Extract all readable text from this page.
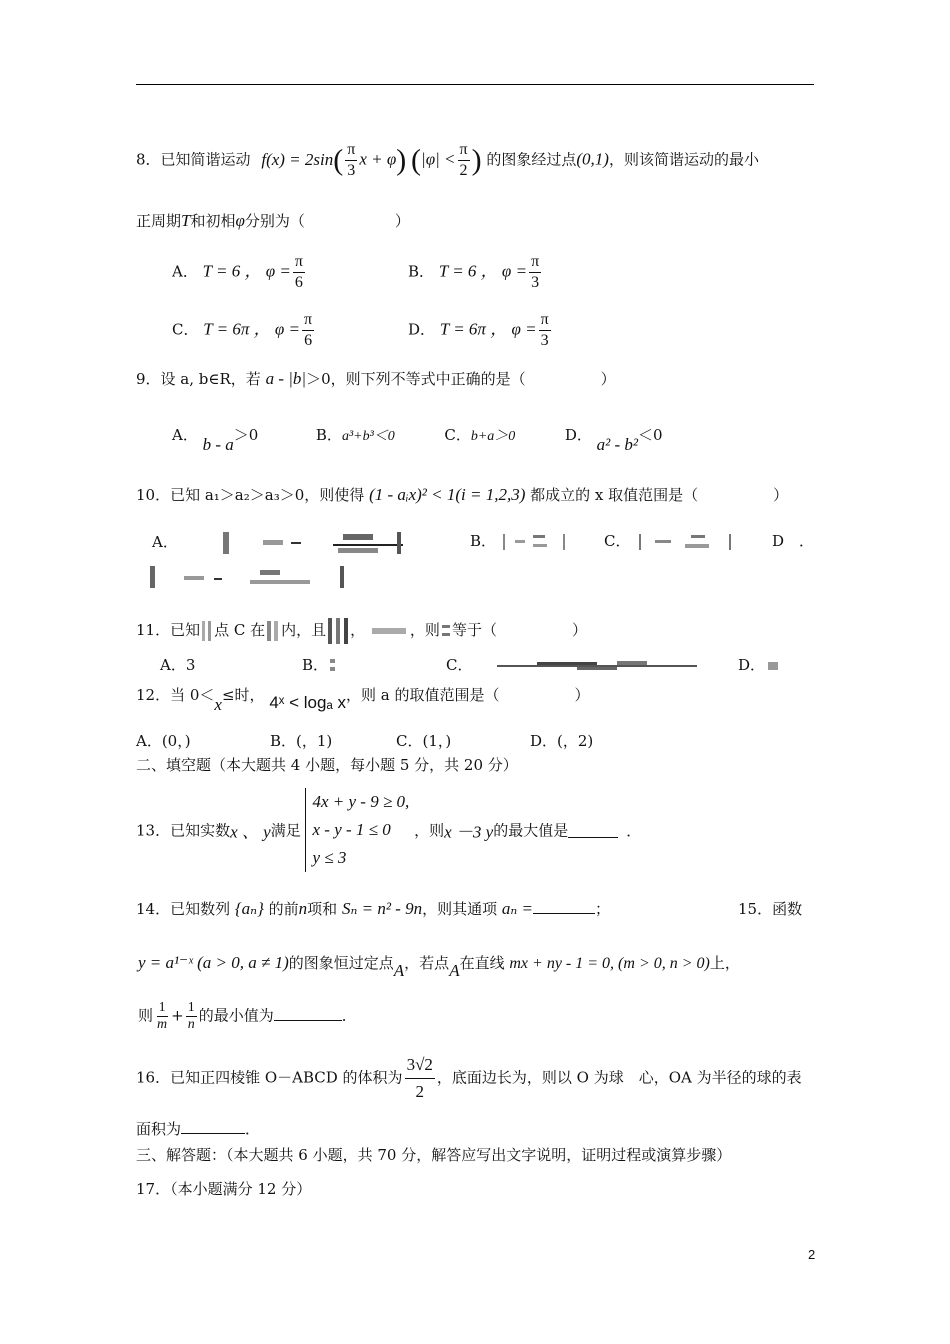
8．已知简谐运动 $f(x) = 2\sin( \frac{\pi}{3}$ x + φ) ($|\varphi| < \frac{\pi}{2}$ ) 的图象经过点(0,1)，则该简谐运动的最小
正周期T和初相φ分别为（　　　　　　）
A． T = 6 ， $\varphi = \frac{\pi}{6}$	B． T = 6 ， $\varphi = \frac{\pi}{3}$
C． T = 6π ， $\varphi = \frac{\pi}{6}$	D． T = 6π ， $\varphi = \frac{\pi}{3}$
9．设 a, b∈R，若 a - |b|＞0，则下列不等式中正确的是（　　　　　）
A． b - a＞0	B．a³+b³＜0	C．b+a＞0	D． a² - b²＜0
10．已知 a₁＞a₂＞a₃＞0，则使得 (1 - aᵢx)² < 1(i = 1,2,3) 都成立的 x 取值范围是（　　　　　）
A．	B．	C．	D　．
11．已知 点 C 在 内，且 ，	，则 等于（　　　　　）
A．3	B．	C．	D．
12．当 0＜x≤时， 4ˣ < logₐ x，则 a 的取值范围是（　　　　　）
A．(0，)	B．(，1)	C．(1，)	D．(，2)
二、填空题（本大题共 4 小题，每小题 5 分，共 20 分）
13．已知实数x 、 y满足
4x + y - 9 ≥ 0,
x - y - 1 ≤ 0
y ≤ 3
，则x －3 y的最大值是	．
14．已知数列 {aₙ} 的前n项和 Sₙ = n² - 9n，则其通项 aₙ =	；	15．函数
y = a¹⁻ˣ (a > 0, a ≠ 1)的图象恒过定点A，若点A在直线 mx + ny - 1 = 0, (m > 0, n > 0)上，
则 $\frac{1}{m} + \frac{1}{n}$ 的最小值为	．
16．已知正四棱锥 O－ABCD 的体积为 $\frac{3√2}{2}$ ，底面边长为，则以 O 为球　心，OA 为半径的球的表
面积为	．
三、解答题：（本大题共 6 小题，共 70 分，解答应写出文字说明，证明过程或演算步骤）
17．（本小题满分 12 分）
2
